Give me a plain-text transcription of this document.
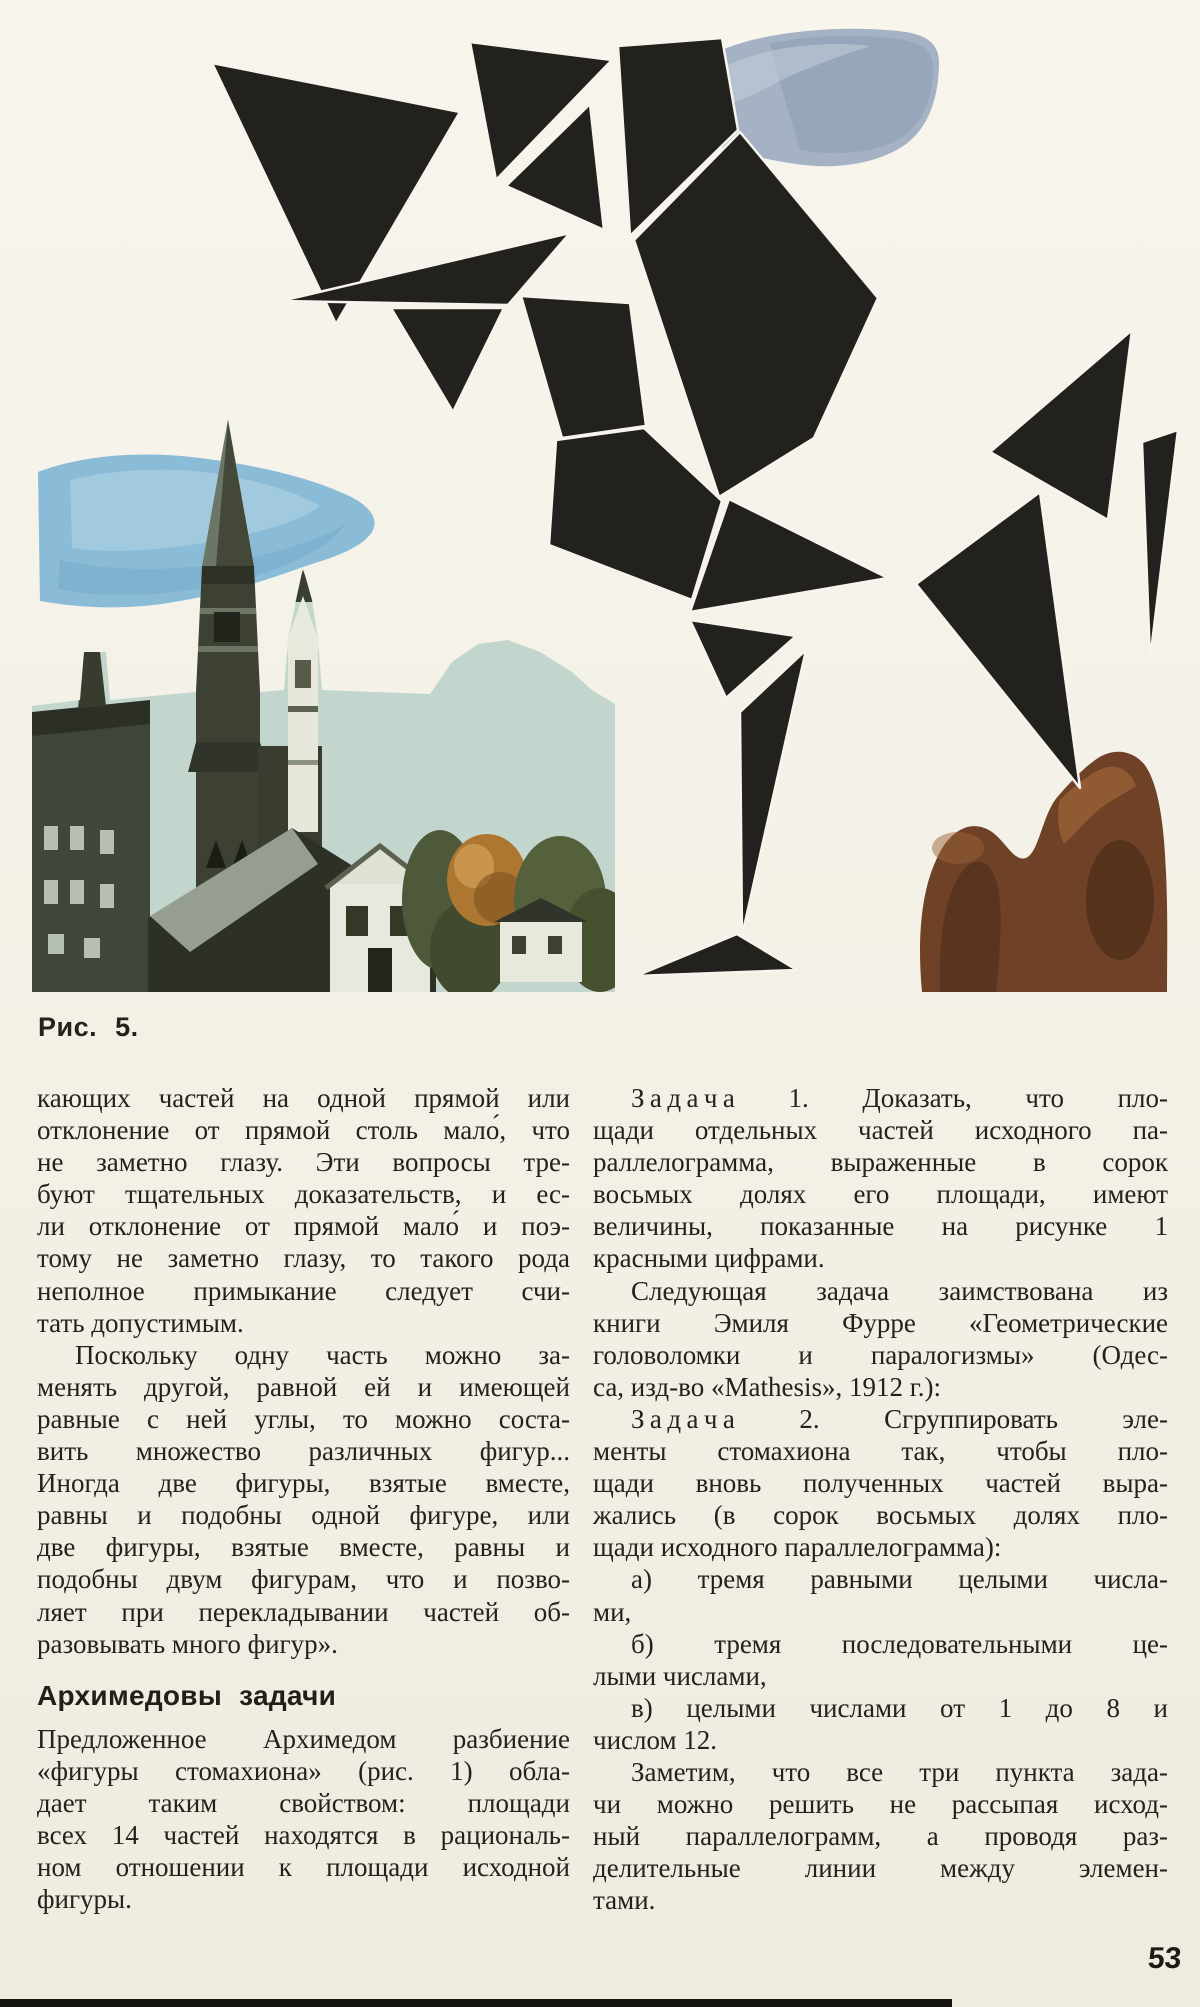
Рис. 5.
кающих частей на одной прямой или
отклонение от прямой столь мало́, что
не заметно глазу. Эти вопросы тре-
буют тщательных доказательств, и ес-
ли отклонение от прямой мало́ и поэ-
тому не заметно глазу, то такого рода
неполное примыкание следует счи-
тать допустимым.
Поскольку одну часть можно за-
менять другой, равной ей и имеющей
равные с ней углы, то можно соста-
вить множество различных фигур...
Иногда две фигуры, взятые вместе,
равны и подобны одной фигуре, или
две фигуры, взятые вместе, равны и
подобны двум фигурам, что и позво-
ляет при перекладывании частей об-
разовывать много фигур».
Архимедовы задачи
Предложенное Архимедом разбиение
«фигуры стомахиона» (рис. 1) обла-
дает таким свойством: площади
всех 14 частей находятся в рациональ-
ном отношении к площади исходной
фигуры.
З а д а ч а 1. Доказать, что пло-
щади отдельных частей исходного па-
раллелограмма, выраженные в сорок
восьмых долях его площади, имеют
величины, показанные на рисунке 1
красными цифрами.
Следующая задача заимствована из
книги Эмиля Фурре «Геометрические
головоломки и паралогизмы» (Одес-
са, изд-во «Mathesis», 1912 г.):
З а д а ч а 2. Сгруппировать эле-
менты стомахиона так, чтобы пло-
щади вновь полученных частей выра-
жались (в сорок восьмых долях пло-
щади исходного параллелограмма):
а) тремя равными целыми числа-
ми,
б) тремя последовательными це-
лыми числами,
в) целыми числами от 1 до 8 и
числом 12.
Заметим, что все три пункта зада-
чи можно решить не рассыпая исход-
ный параллелограмм, а проводя раз-
делительные линии между элемен-
тами.
53
